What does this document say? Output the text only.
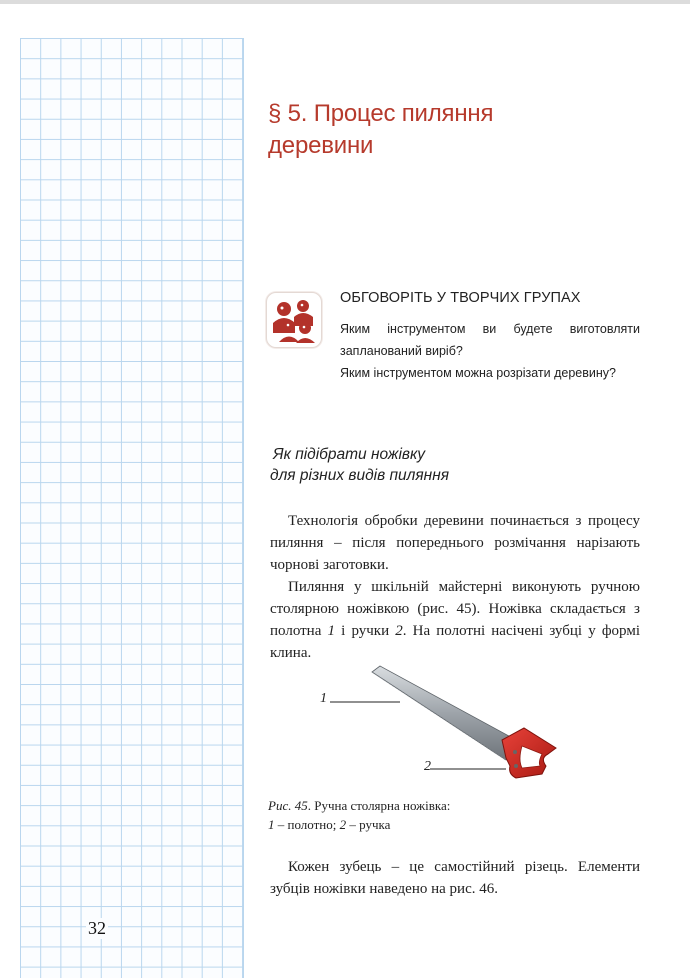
32
§ 5. Процес пиляння
деревини
ОБГОВОРІТЬ У ТВОРЧИХ ГРУПАХ
Яким інструментом ви будете виготовляти запланований виріб?
Яким інструментом можна розрізати деревину?
Як підібрати ножівку
для різних видів пиляння

Технологія обробки деревини починається з процесу пиляння – після попереднього розмічання нарізають чорнові заготовки.

Пиляння у шкільній майстерні виконують ручною столярною ножівкою (рис. 45). Ножівка складається з полотна 1 і ручки 2. На полотні насічені зубці у формі клина.

1
2
Рис. 45. Ручна столярна ножівка:
1 – полотно; 2 – ручка

Кожен зубець – це самостійний різець. Елементи зубців ножівки наведено на рис. 46.
